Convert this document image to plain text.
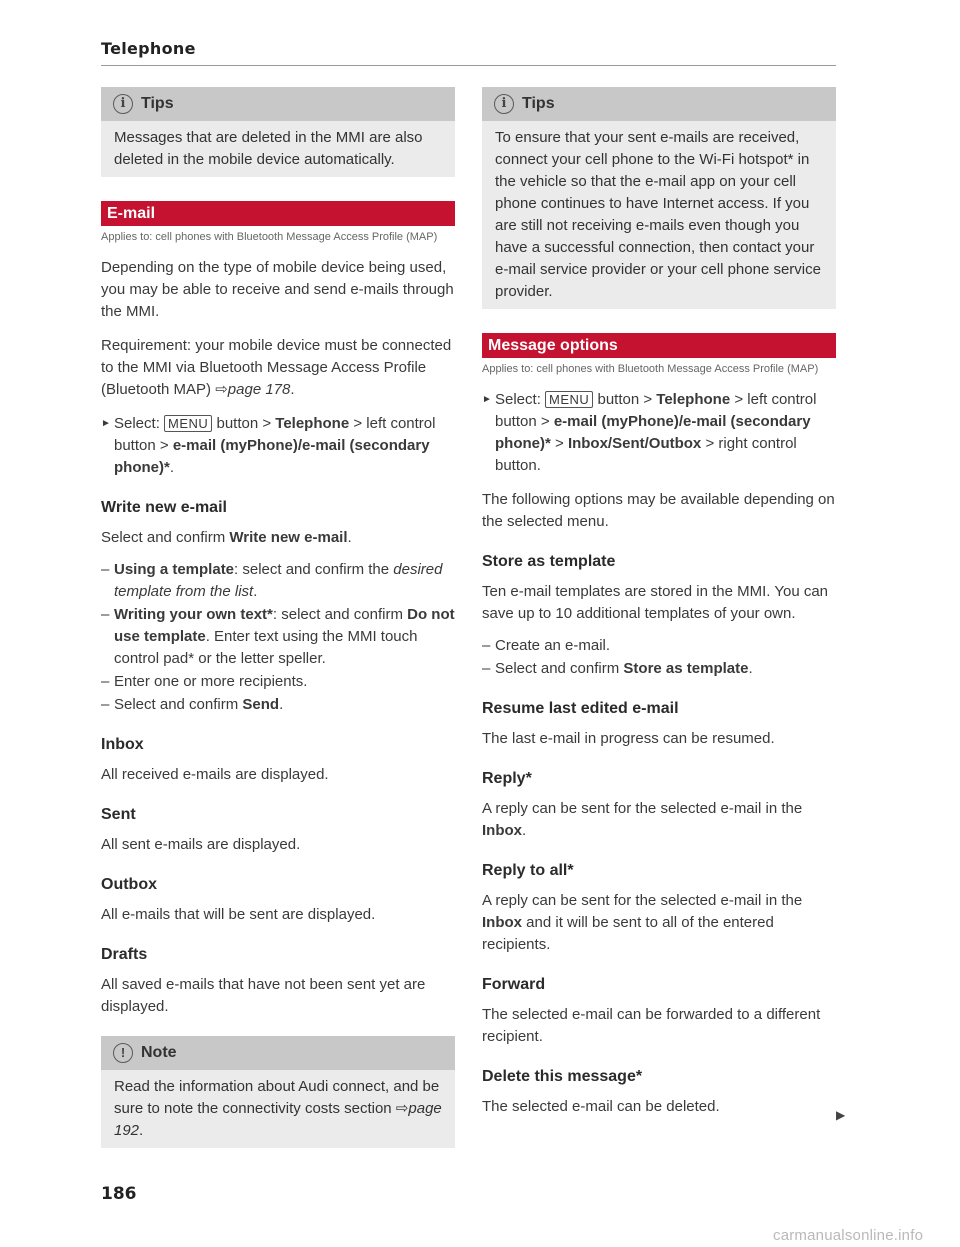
Telephone
i Tips

Messages that are deleted in the MMI are also deleted in the mobile device automatically.

E-mail

Applies to: cell phones with Bluetooth Message Access Profile (MAP)

Depending on the type of mobile device being used, you may be able to receive and send e-mails through the MMI.

Requirement: your mobile device must be connected to the MMI via Bluetooth Message Access Profile (Bluetooth MAP) ⇨page 178.

► Select: MENU button > Telephone > left control button > e-mail (myPhone)/e-mail (secondary phone)*.

Write new e-mail

Select and confirm Write new e-mail.

– Using a template: select and confirm the desired template from the list.
– Writing your own text*: select and confirm Do not use template. Enter text using the MMI touch control pad* or the letter speller.
– Enter one or more recipients.
– Select and confirm Send.
Inbox

All received e-mails are displayed.

Sent

All sent e-mails are displayed.

Outbox

All e-mails that will be sent are displayed.

Drafts

All saved e-mails that have not been sent yet are displayed.

! Note

Read the information about Audi connect, and be sure to note the connectivity costs section ⇨page 192.

i Tips

To ensure that your sent e-mails are received, connect your cell phone to the Wi-Fi hotspot* in the vehicle so that the e-mail app on your cell phone continues to have Internet access. If you are still not receiving e-mails even though you have a successful connection, then contact your e-mail service provider or your cell phone service provider.

Message options

Applies to: cell phones with Bluetooth Message Access Profile (MAP)

► Select: MENU button > Telephone > left control button > e-mail (myPhone)/e-mail (secondary phone)* > Inbox/Sent/Outbox > right control button.

The following options may be available depending on the selected menu.

Store as template

Ten e-mail templates are stored in the MMI. You can save up to 10 additional templates of your own.

– Create an e-mail.
– Select and confirm Store as template.
Resume last edited e-mail

The last e-mail in progress can be resumed.

Reply*

A reply can be sent for the selected e-mail in the Inbox.

Reply to all*

A reply can be sent for the selected e-mail in the Inbox and it will be sent to all of the entered recipients.

Forward

The selected e-mail can be forwarded to a different recipient.

Delete this message*

The selected e-mail can be deleted.	▶
186
carmanualsonline.info
